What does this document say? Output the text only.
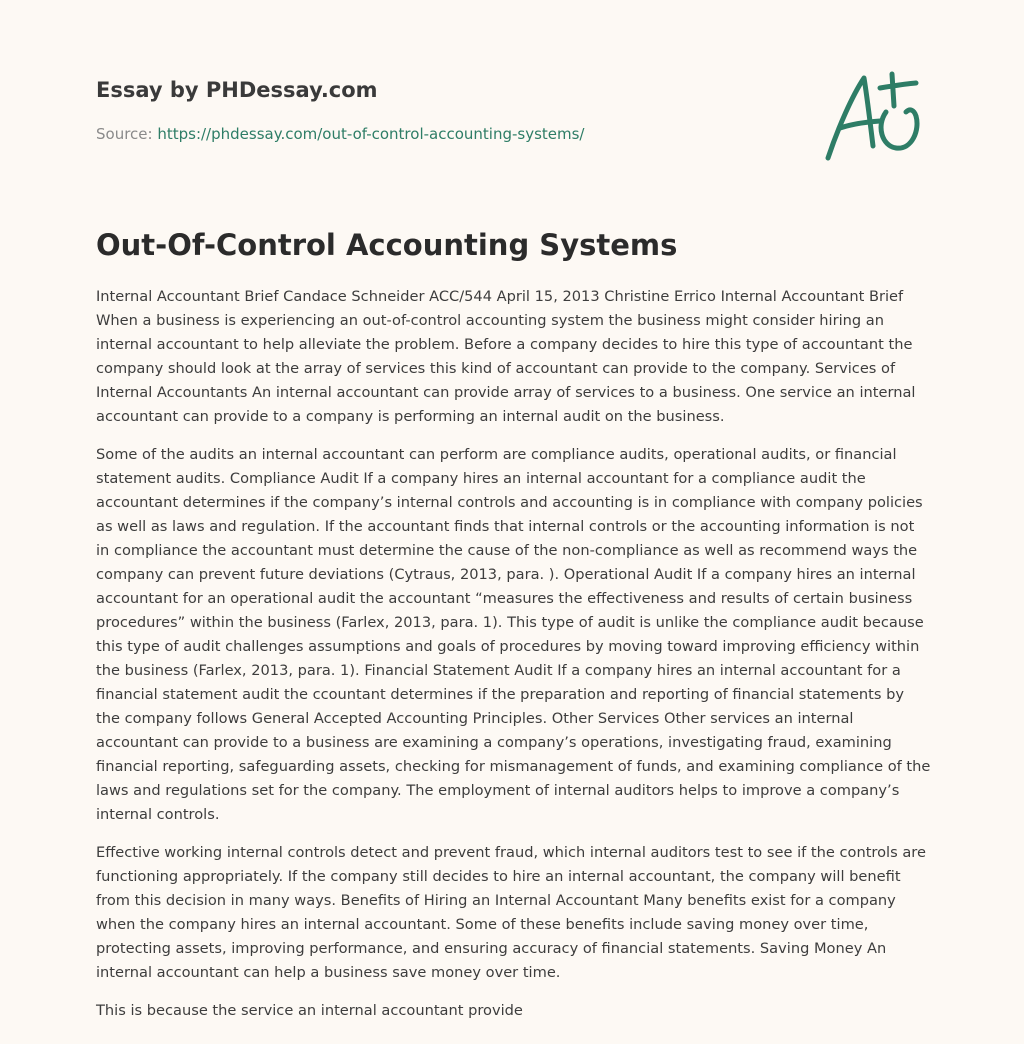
Essay by PHDessay.com
Source: https://phdessay.com/out-of-control-accounting-systems/
Out-Of-Control Accounting Systems

Internal Accountant Brief Candace Schneider ACC/544 April 15, 2013 Christine Errico Internal Accountant Brief When a business is experiencing an out-of-control accounting system the business might consider hiring an internal accountant to help alleviate the problem. Before a company decides to hire this type of accountant the company should look at the array of services this kind of accountant can provide to the company. Services of Internal Accountants An internal accountant can provide array of services to a business. One service an internal accountant can provide to a company is performing an internal audit on the business.

Some of the audits an internal accountant can perform are compliance audits, operational audits, or financial statement audits. Compliance Audit If a company hires an internal accountant for a compliance audit the accountant determines if the company’s internal controls and accounting is in compliance with company policies as well as laws and regulation. If the accountant finds that internal controls or the accounting information is not in compliance the accountant must determine the cause of the non-compliance as well as recommend ways the company can prevent future deviations (Cytraus, 2013, para. ). Operational Audit If a company hires an internal accountant for an operational audit the accountant “measures the effectiveness and results of certain business procedures” within the business (Farlex, 2013, para. 1). This type of audit is unlike the compliance audit because this type of audit challenges assumptions and goals of procedures by moving toward improving efficiency within the business (Farlex, 2013, para. 1). Financial Statement Audit If a company hires an internal accountant for a financial statement audit the ccountant determines if the preparation and reporting of financial statements by the company follows General Accepted Accounting Principles. Other Services Other services an internal accountant can provide to a business are examining a company’s operations, investigating fraud, examining financial reporting, safeguarding assets, checking for mismanagement of funds, and examining compliance of the laws and regulations set for the company. The employment of internal auditors helps to improve a company’s internal controls.

Effective working internal controls detect and prevent fraud, which internal auditors test to see if the controls are functioning appropriately. If the company still decides to hire an internal accountant, the company will benefit from this decision in many ways. Benefits of Hiring an Internal Accountant Many benefits exist for a company when the company hires an internal accountant. Some of these benefits include saving money over time, protecting assets, improving performance, and ensuring accuracy of financial statements. Saving Money An internal accountant can help a business save money over time.

This is because the service an internal accountant provide
